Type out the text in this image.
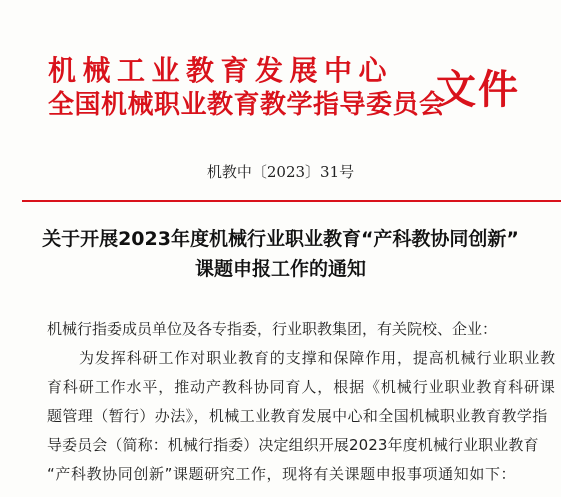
机械工业教育发展中心
全国机械职业教育教学指导委员会
文件
机教中〔2023〕31号
关于开展2023年度机械行业职业教育“产科教协同创新”
课题申报工作的通知
机械行指委成员单位及各专指委，行业职教集团，有关院校、企业：
为发挥科研工作对职业教育的支撑和保障作用，提高机械行业职业教
育科研工作水平，推动产教科协同育人，根据《机械行业职业教育科研课
题管理（暂行）办法》，机械工业教育发展中心和全国机械职业教育教学指
导委员会（简称：机械行指委）决定组织开展2023年度机械行业职业教育
“产科教协同创新”课题研究工作，现将有关课题申报事项通知如下：
